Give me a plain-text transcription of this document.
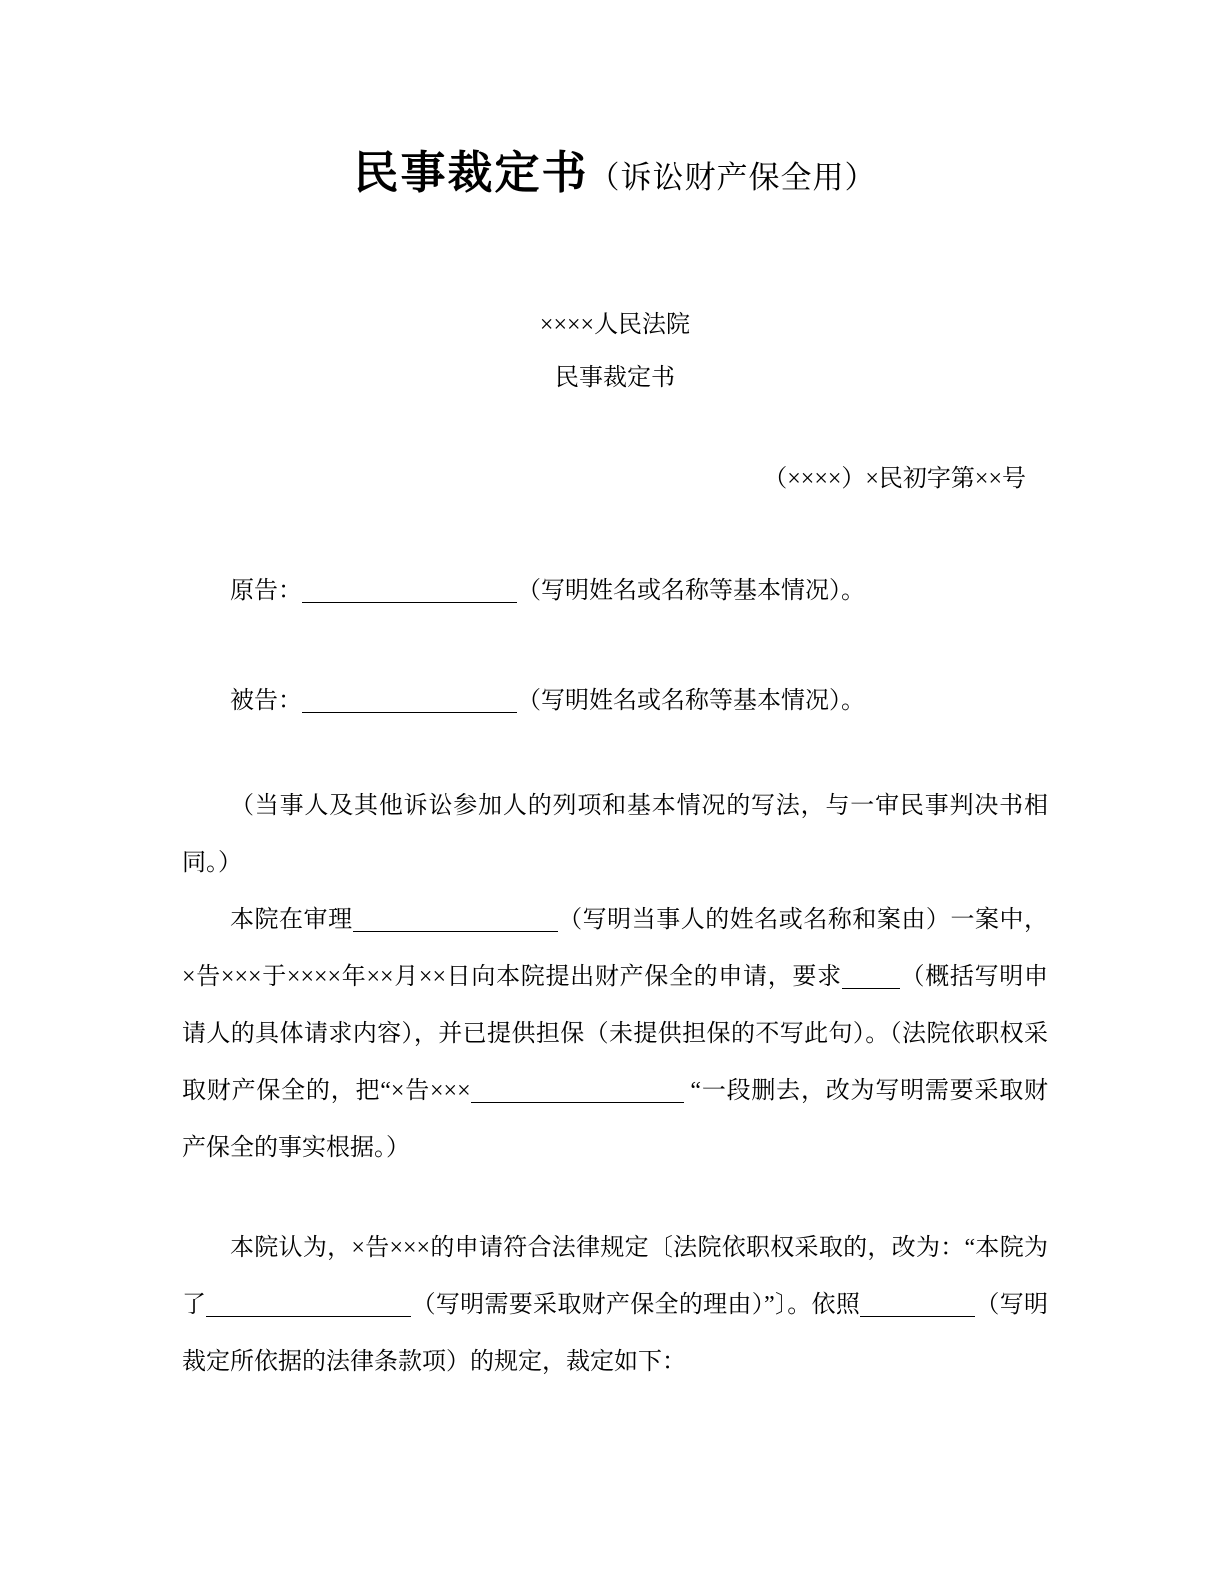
民事裁定书（诉讼财产保全用）
××××人民法院
民事裁定书
（××××）×民初字第××号

原告：	（写明姓名或名称等基本情况）。

被告：	（写明姓名或名称等基本情况）。

（当事人及其他诉讼参加人的列项和基本情况的写法，与一审民事判决书相同。）

本院在审理	（写明当事人的姓名或名称和案由）一案中，×告×××于××××年××月××日向本院提出财产保全的申请，要求 （概括写明申请人的具体请求内容），并已提供担保（未提供担保的不写此句）。（法院依职权采取财产保全的，把“×告×××	“一段删去，改为写明需要采取财产保全的事实根据。）

本院认为，×告×××的申请符合法律规定〔法院依职权采取的，改为：“本院为了	（写明需要采取财产保全的理由）”〕。依照	（写明裁定所依据的法律条款项）的规定，裁定如下：
